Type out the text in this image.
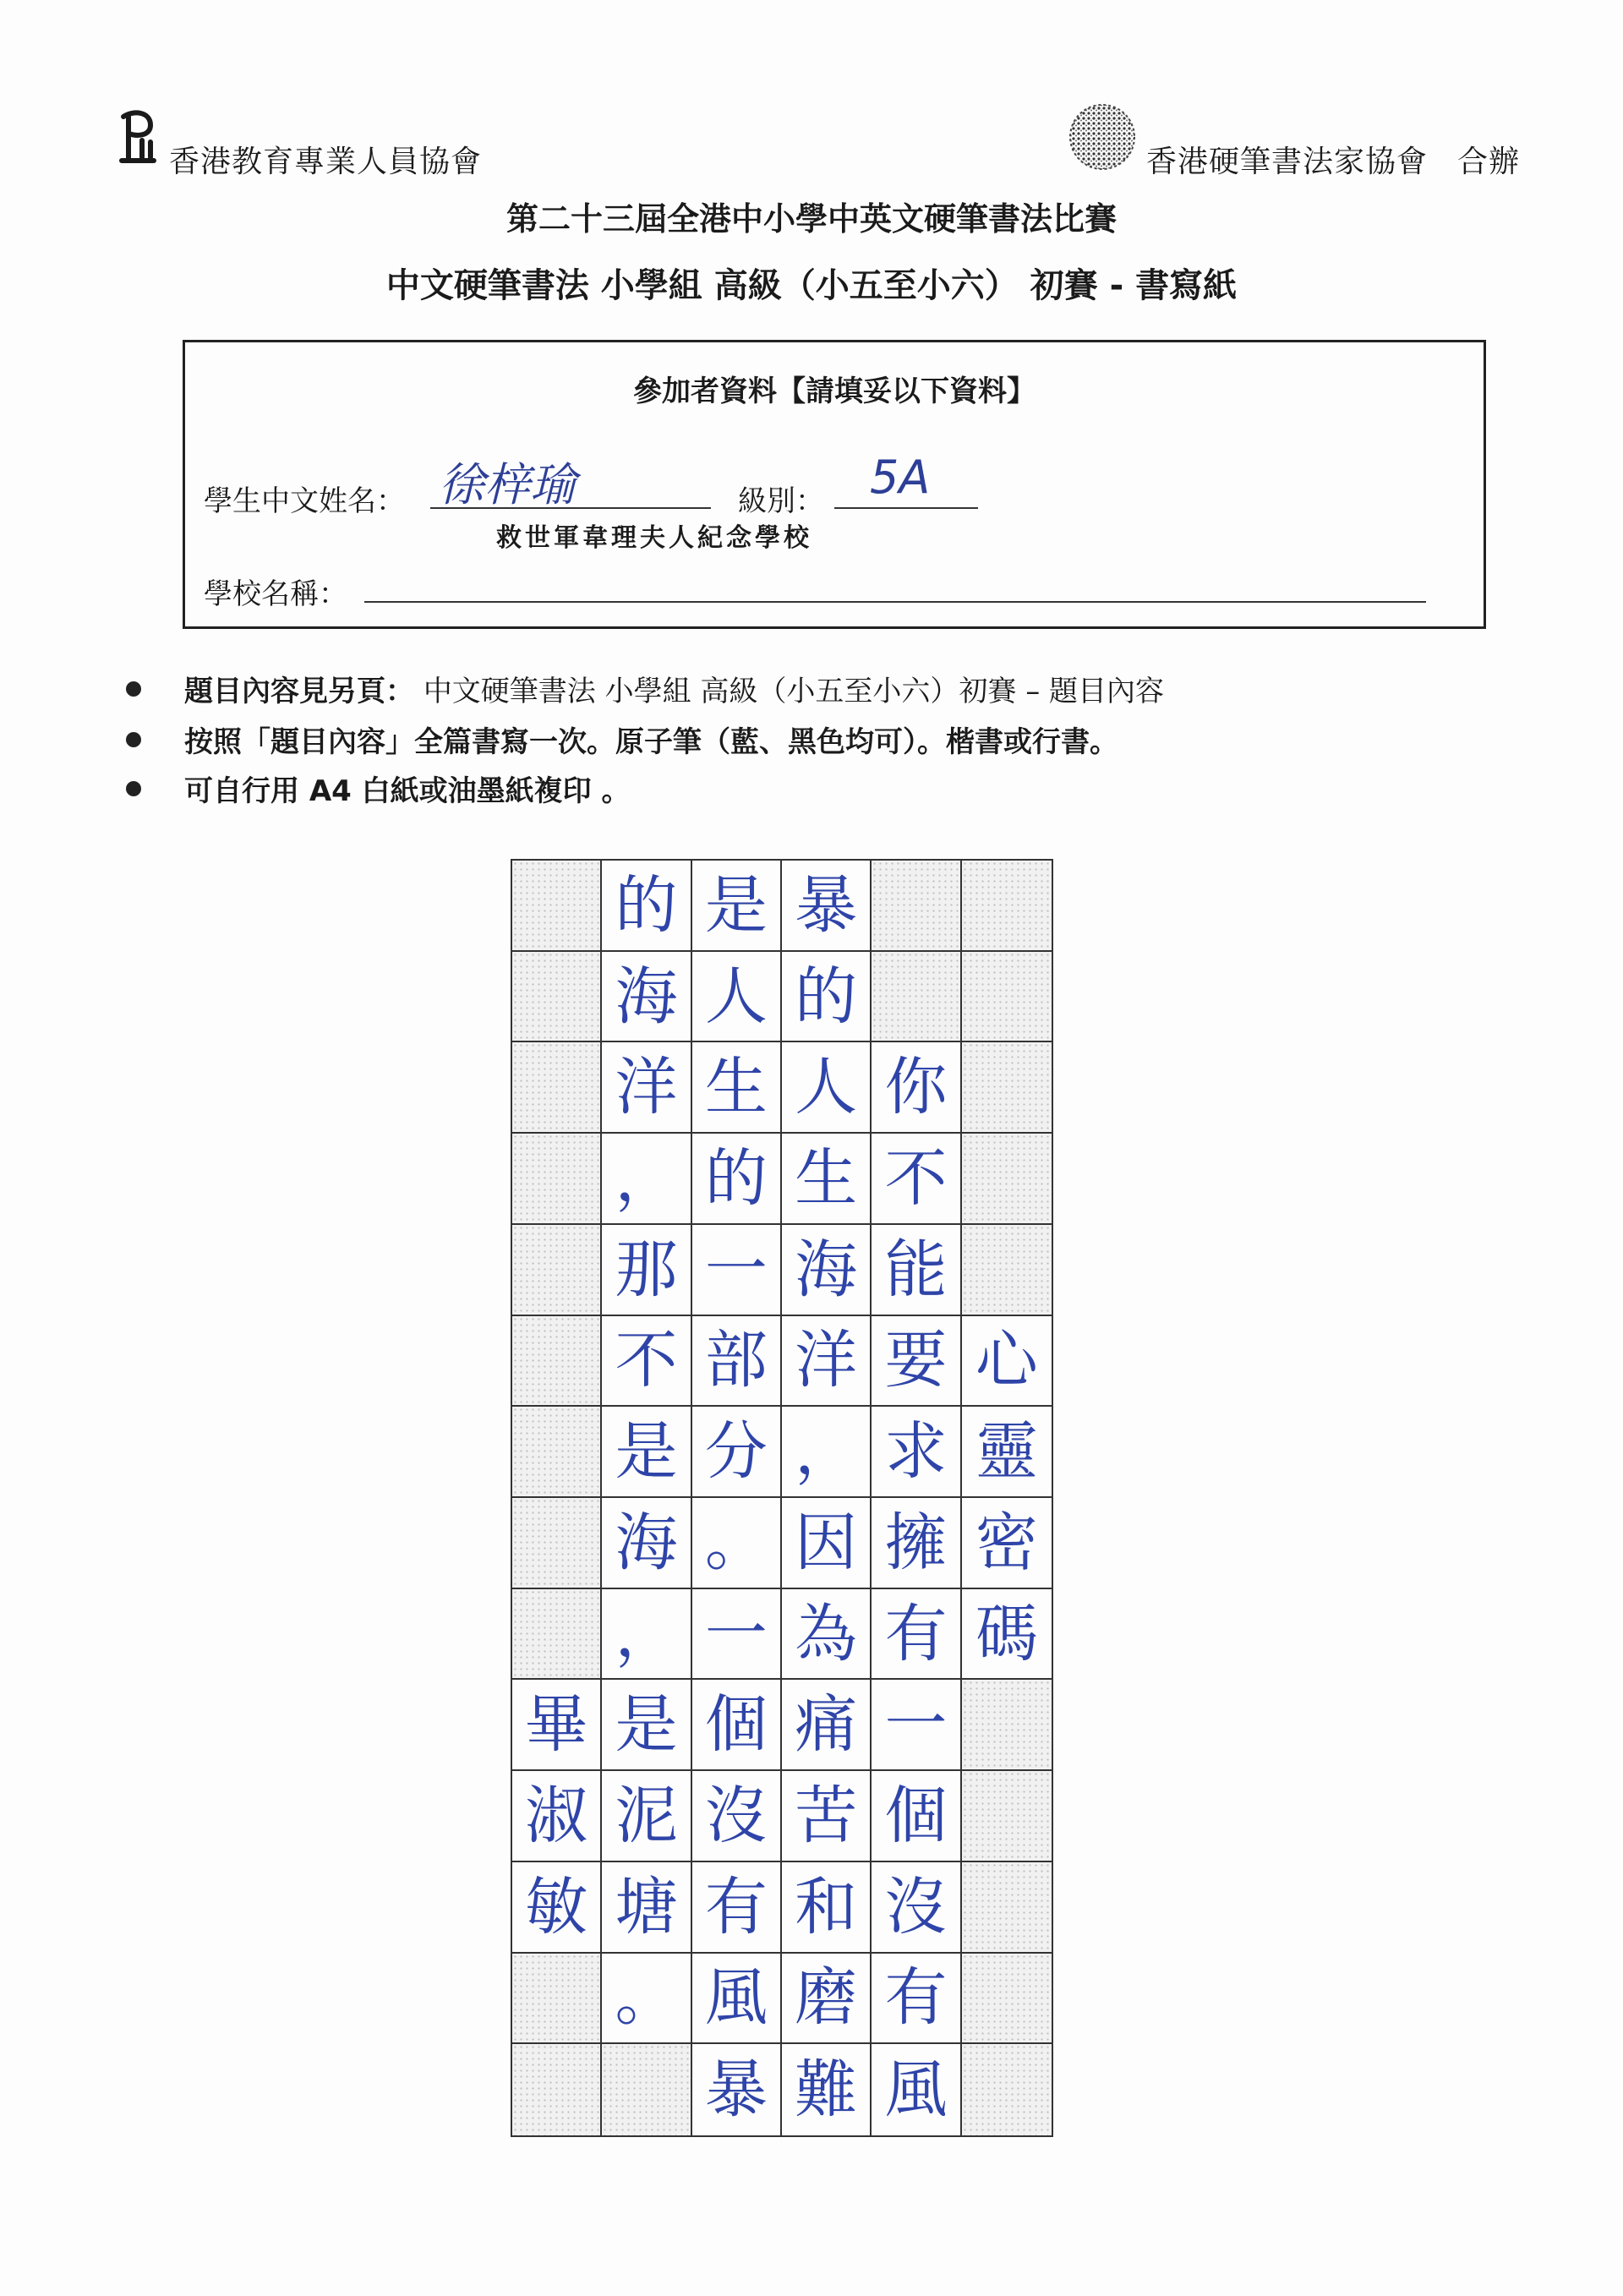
香港教育專業人員協會	香港硬筆書法家協會 合辦
第二十三屆全港中小學中英文硬筆書法比賽
中文硬筆書法 小學組 高級（小五至小六） 初賽 - 書寫紙
參加者資料【請填妥以下資料】
學生中文姓名： 徐梓瑜	級別： 5A
救世軍韋理夫人紀念學校
學校名稱：
題目內容見另頁： 中文硬筆書法 小學組 高級（小五至小六）初賽 – 題目內容
按照「題目內容」全篇書寫一次。原子筆（藍、黑色均可）。楷書或行書。
可自行用 A4 白紙或油墨紙複印 。
的 是 暴
海 人 的
洋 生 人 你
， 的 生 不
那 一 海 能
不 部 洋 要 心
是 分 ， 求 靈
海 。 因 擁 密
， 一 為 有 碼
畢 是 個 痛 一
淑 泥 沒 苦 個
敏 塘 有 和 沒
。 風 磨 有
暴 難 風
